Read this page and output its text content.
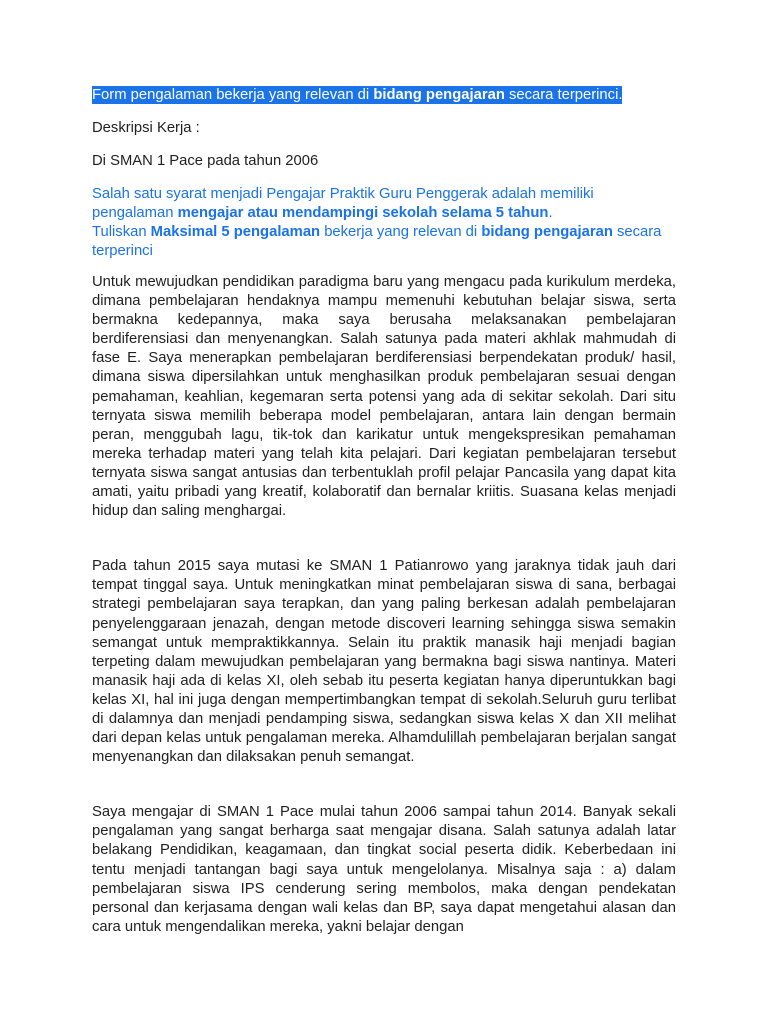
Form pengalaman bekerja yang relevan di bidang pengajaran secara terperinci.
Deskripsi Kerja :
Di SMAN 1 Pace pada tahun 2006
Salah satu syarat menjadi Pengajar Praktik Guru Penggerak adalah memiliki pengalaman mengajar atau mendampingi sekolah selama 5 tahun.
Tuliskan Maksimal 5 pengalaman bekerja yang relevan di bidang pengajaran secara terperinci

Untuk mewujudkan pendidikan paradigma baru yang mengacu pada kurikulum merdeka, dimana pembelajaran hendaknya mampu memenuhi kebutuhan belajar siswa, serta bermakna kedepannya, maka saya berusaha melaksanakan pembelajaran berdiferensiasi dan menyenangkan. Salah satunya pada materi akhlak mahmudah di fase E. Saya menerapkan pembelajaran berdiferensiasi berpendekatan produk/ hasil, dimana siswa dipersilahkan untuk menghasilkan produk pembelajaran sesuai dengan pemahaman, keahlian, kegemaran serta potensi yang ada di sekitar sekolah. Dari situ ternyata siswa memilih beberapa model pembelajaran, antara lain dengan bermain peran, menggubah lagu, tik-tok dan karikatur untuk mengekspresikan pemahaman mereka terhadap materi yang telah kita pelajari. Dari kegiatan pembelajaran tersebut ternyata siswa sangat antusias dan terbentuklah profil pelajar Pancasila yang dapat kita amati, yaitu pribadi yang kreatif, kolaboratif dan bernalar kriitis. Suasana kelas menjadi hidup dan saling menghargai.

Pada tahun 2015 saya mutasi ke SMAN 1 Patianrowo yang jaraknya tidak jauh dari tempat tinggal saya. Untuk meningkatkan minat pembelajaran siswa di sana, berbagai strategi pembelajaran saya terapkan, dan yang paling berkesan adalah pembelajaran penyelenggaraan jenazah, dengan metode discoveri learning sehingga siswa semakin semangat untuk mempraktikkannya. Selain itu praktik manasik haji menjadi bagian terpeting dalam mewujudkan pembelajaran yang bermakna bagi siswa nantinya. Materi manasik haji ada di kelas XI, oleh sebab itu peserta kegiatan hanya diperuntukkan bagi kelas XI, hal ini juga dengan mempertimbangkan tempat di sekolah.Seluruh guru terlibat di dalamnya dan menjadi pendamping siswa, sedangkan siswa kelas X dan XII melihat dari depan kelas untuk pengalaman mereka. Alhamdulillah pembelajaran berjalan sangat menyenangkan dan dilaksakan penuh semangat.

Saya mengajar di SMAN 1 Pace mulai tahun 2006 sampai tahun 2014. Banyak sekali pengalaman yang sangat berharga saat mengajar disana. Salah satunya adalah latar belakang Pendidikan, keagamaan, dan tingkat social peserta didik. Keberbedaan ini tentu menjadi tantangan bagi saya untuk mengelolanya. Misalnya saja : a) dalam pembelajaran siswa IPS cenderung sering membolos, maka dengan pendekatan personal dan kerjasama dengan wali kelas dan BP, saya dapat mengetahui alasan dan cara untuk mengendalikan mereka, yakni belajar dengan
